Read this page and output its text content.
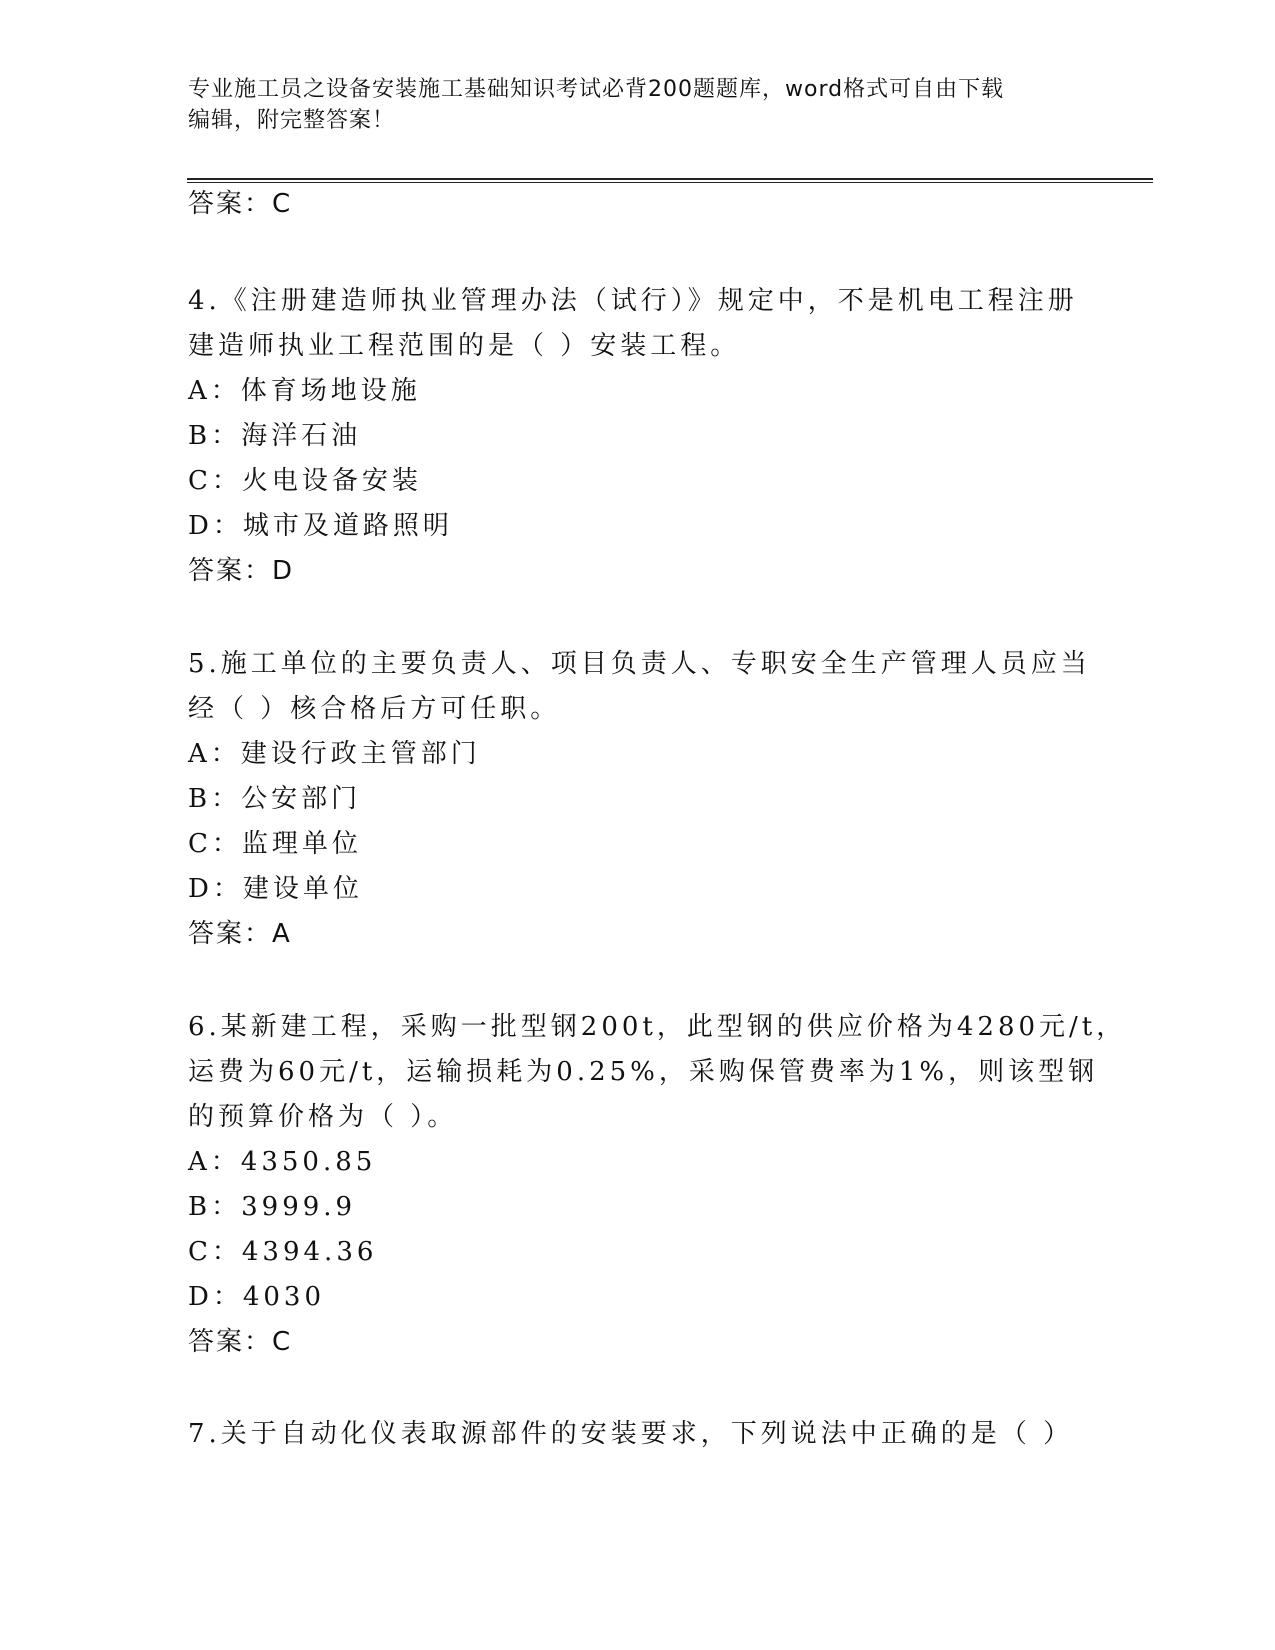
专业施工员之设备安装施工基础知识考试必背200题题库，word格式可自由下载
编辑，附完整答案！
答案：C
4.《注册建造师执业管理办法（试行）》规定中，不是机电工程注册
建造师执业工程范围的是（ ）安装工程。
A：体育场地设施
B：海洋石油
C：火电设备安装
D：城市及道路照明
答案：D
5.施工单位的主要负责人、项目负责人、专职安全生产管理人员应当
经（ ）核合格后方可任职。
A：建设行政主管部门
B：公安部门
C：监理单位
D：建设单位
答案：A
6.某新建工程，采购一批型钢200t，此型钢的供应价格为4280元/t，
运费为60元/t，运输损耗为0.25%，采购保管费率为1%，则该型钢
的预算价格为（ ）。
A：4350.85
B：3999.9
C：4394.36
D：4030
答案：C
7.关于自动化仪表取源部件的安装要求，下列说法中正确的是（ ）
